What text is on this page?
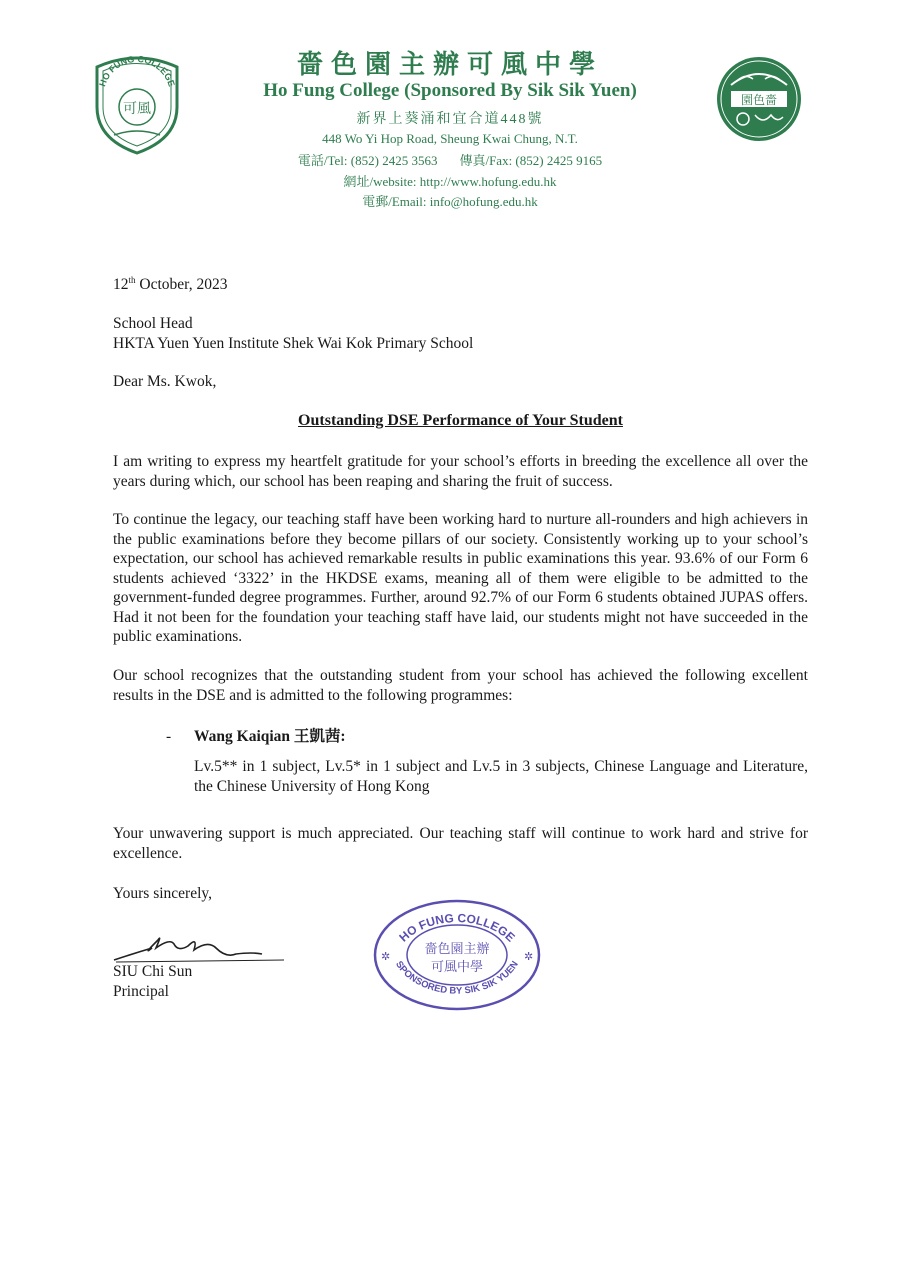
HO FUNG COLLEGE
可風
嗇色園主辦可風中學
Ho Fung College (Sponsored By Sik Sik Yuen)
新界上葵涌和宜合道448號
448 Wo Yi Hop Road, Sheung Kwai Chung, N.T.
電話/Tel: (852) 2425 3563 傳真/Fax: (852) 2425 9165
網址/website: http://www.hofung.edu.hk
電郵/Email: info@hofung.edu.hk
園色嗇
12th October, 2023
School Head
HKTA Yuen Yuen Institute Shek Wai Kok Primary School
Dear Ms. Kwok,
Outstanding DSE Performance of Your Student
I am writing to express my heartfelt gratitude for your school’s efforts in breeding the excellence all over the years during which, our school has been reaping and sharing the fruit of success.
To continue the legacy, our teaching staff have been working hard to nurture all-rounders and high achievers in the public examinations before they become pillars of our society. Consistently working up to your school’s expectation, our school has achieved remarkable results in public examinations this year. 93.6% of our Form 6 students achieved ‘3322’ in the HKDSE exams, meaning all of them were eligible to be admitted to the government-funded degree programmes. Further, around 92.7% of our Form 6 students obtained JUPAS offers. Had it not been for the foundation your teaching staff have laid, our students might not have succeeded in the public examinations.
Our school recognizes that the outstanding student from your school has achieved the following excellent results in the DSE and is admitted to the following programmes:
- Wang Kaiqian 王凱茜:
Lv.5** in 1 subject, Lv.5* in 1 subject and Lv.5 in 3 subjects, Chinese Language and Literature, the Chinese University of Hong Kong
Your unwavering support is much appreciated. Our teaching staff will continue to work hard and strive for excellence.
Yours sincerely,
SIU Chi Sun
Principal
HO FUNG COLLEGE
SPONSORED BY SIK SIK YUEN
嗇色園主辦
可風中學
✲	✲
